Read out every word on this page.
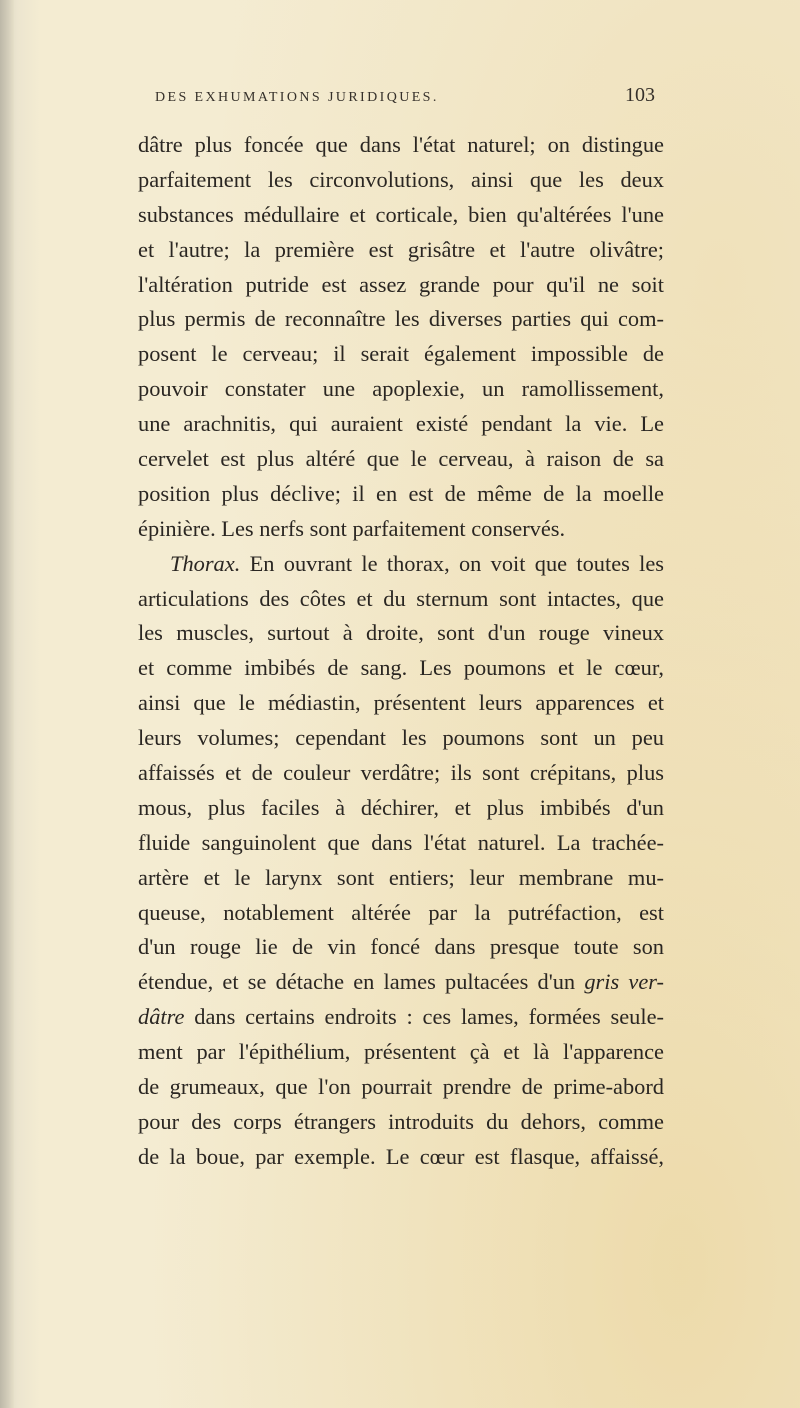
DES EXHUMATIONS JURIDIQUES.	103
dâtre plus foncée que dans l'état naturel; on distingue
parfaitement les circonvolutions, ainsi que les deux
substances médullaire et corticale, bien qu'altérées l'une
et l'autre; la première est grisâtre et l'autre olivâtre;
l'altération putride est assez grande pour qu'il ne soit
plus permis de reconnaître les diverses parties qui com-
posent le cerveau; il serait également impossible de
pouvoir constater une apoplexie, un ramollissement,
une arachnitis, qui auraient existé pendant la vie. Le
cervelet est plus altéré que le cerveau, à raison de sa
position plus déclive; il en est de même de la moelle
épinière. Les nerfs sont parfaitement conservés.
Thorax. En ouvrant le thorax, on voit que toutes les
articulations des côtes et du sternum sont intactes, que
les muscles, surtout à droite, sont d'un rouge vineux
et comme imbibés de sang. Les poumons et le cœur,
ainsi que le médiastin, présentent leurs apparences et
leurs volumes; cependant les poumons sont un peu
affaissés et de couleur verdâtre; ils sont crépitans, plus
mous, plus faciles à déchirer, et plus imbibés d'un
fluide sanguinolent que dans l'état naturel. La trachée-
artère et le larynx sont entiers; leur membrane mu-
queuse, notablement altérée par la putréfaction, est
d'un rouge lie de vin foncé dans presque toute son
étendue, et se détache en lames pultacées d'un gris ver-
dâtre dans certains endroits : ces lames, formées seule-
ment par l'épithélium, présentent çà et là l'apparence
de grumeaux, que l'on pourrait prendre de prime-abord
pour des corps étrangers introduits du dehors, comme
de la boue, par exemple. Le cœur est flasque, affaissé,
